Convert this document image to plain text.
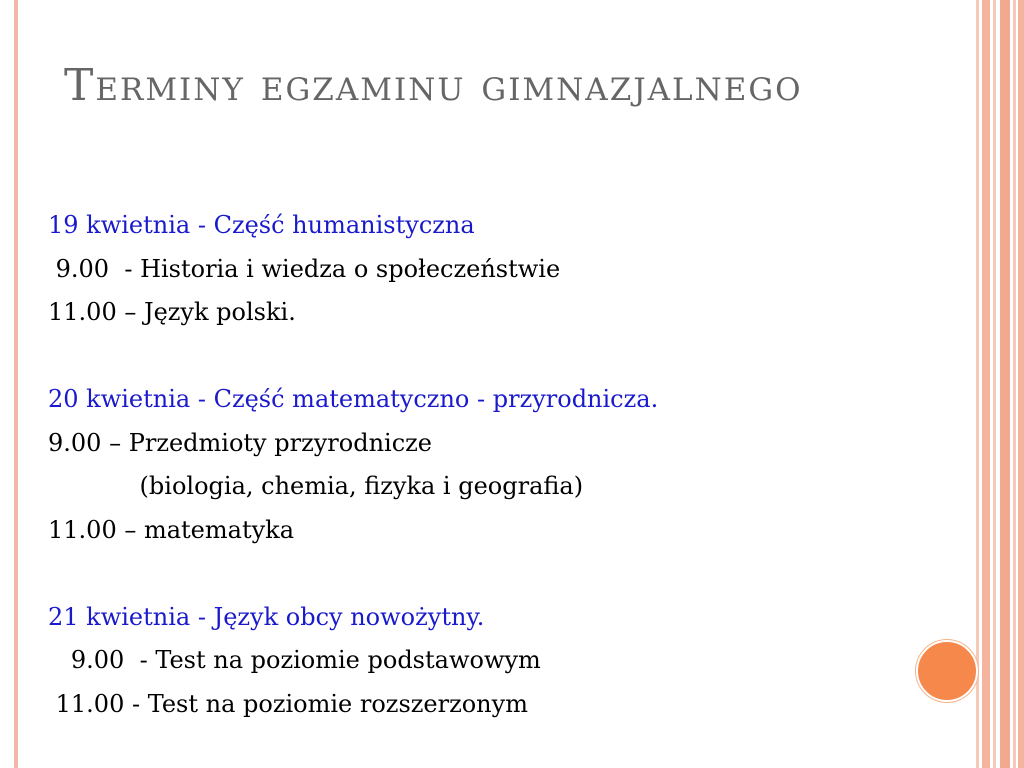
Terminy egzaminu gimnazjalnego
19 kwietnia - Część humanistyczna
9.00  - Historia i wiedza o społeczeństwie
11.00 – Język polski.
20 kwietnia - Część matematyczno - przyrodnicza.
9.00 – Przedmioty przyrodnicze
(biologia, chemia, fizyka i geografia)
11.00 – matematyka
21 kwietnia - Język obcy nowożytny.
9.00  - Test na poziomie podstawowym
11.00 - Test na poziomie rozszerzonym
